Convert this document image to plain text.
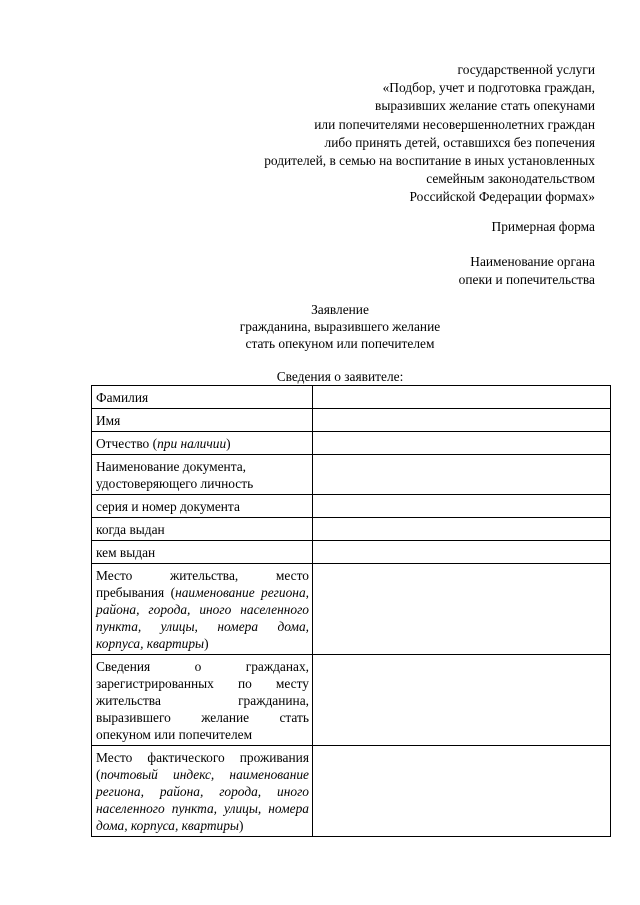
государственной услуги
«Подбор, учет и подготовка граждан,
выразивших желание стать опекунами
или попечителями несовершеннолетних граждан
либо принять детей, оставшихся без попечения
родителей, в семью на воспитание в иных установленных
семейным законодательством
Российской Федерации формах»
Примерная форма
Наименование органа
опеки и попечительства
Заявление
гражданина, выразившего желание
стать опекуном или попечителем
Сведения о заявителе:
Фамилия	
Имя	
Отчество (при наличии)	
Наименование документа, удостоверяющего личность	
серия и номер документа	
когда выдан	
кем выдан	
Место жительства, место пребывания (наименование региона, района, города, иного населенного пункта, улицы, номера дома, корпуса, квартиры)	
Сведения о гражданах, зарегистрированных по месту жительства гражданина, выразившего желание стать опекуном или попечителем	
Место фактического проживания (почтовый индекс, наименование региона, района, города, иного населенного пункта, улицы, номера дома, корпуса, квартиры)	
